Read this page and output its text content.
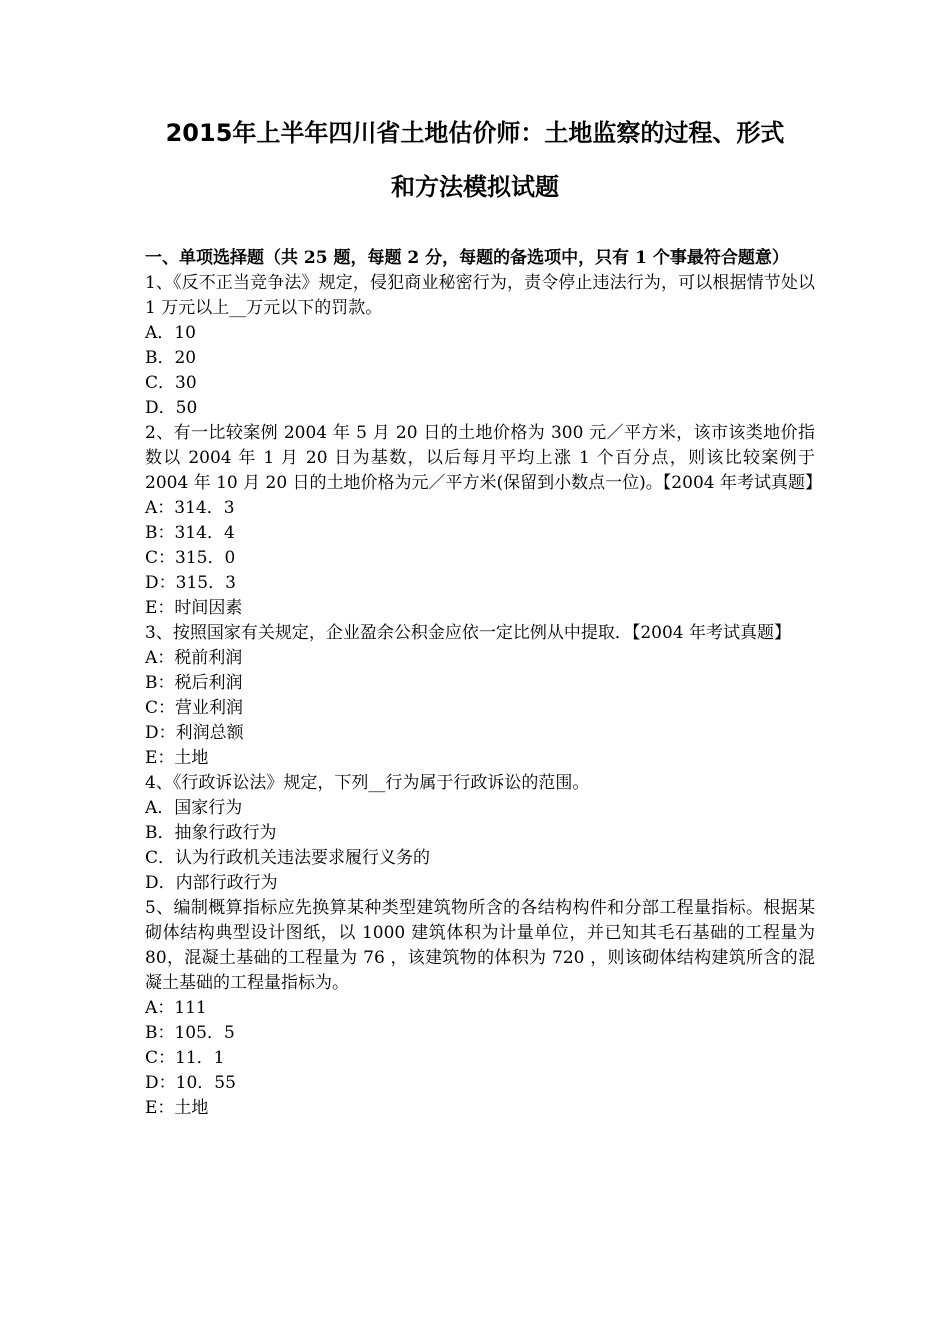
2015年上半年四川省土地估价师：土地监察的过程、形式
和方法模拟试题

一、单项选择题（共 25 题，每题 2 分，每题的备选项中，只有 1 个事最符合题意）

1、《反不正当竞争法》规定，侵犯商业秘密行为，责令停止违法行为，可以根据情节处以 1 万元以上__万元以下的罚款。

A．10
B．20
C．30
D．50

2、有一比较案例 2004 年 5 月 20 日的土地价格为 300 元／平方米，该市该类地价指数以 2004 年 1 月 20 日为基数，以后每月平均上涨 1 个百分点，则该比较案例于 2004 年 10 月 20 日的土地价格为元／平方米(保留到小数点一位)。【2004 年考试真题】

A：314．3
B：314．4
C：315．0
D：315．3
E：时间因素

3、按照国家有关规定，企业盈余公积金应依一定比例从中提取．【2004 年考试真题】

A：税前利润
B：税后利润
C：营业利润
D：利润总额
E：土地

4、《行政诉讼法》规定，下列__行为属于行政诉讼的范围。

A．国家行为
B．抽象行政行为
C．认为行政机关违法要求履行义务的
D．内部行政行为

5、编制概算指标应先换算某种类型建筑物所含的各结构构件和分部工程量指标。根据某砌体结构典型设计图纸，以 1000 建筑体积为计量单位，并已知其毛石基础的工程量为 80，混凝土基础的工程量为 76 ，该建筑物的体积为 720 ，则该砌体结构建筑所含的混凝土基础的工程量指标为。

A：111
B：105．5
C：11．1
D：10．55
E：土地
